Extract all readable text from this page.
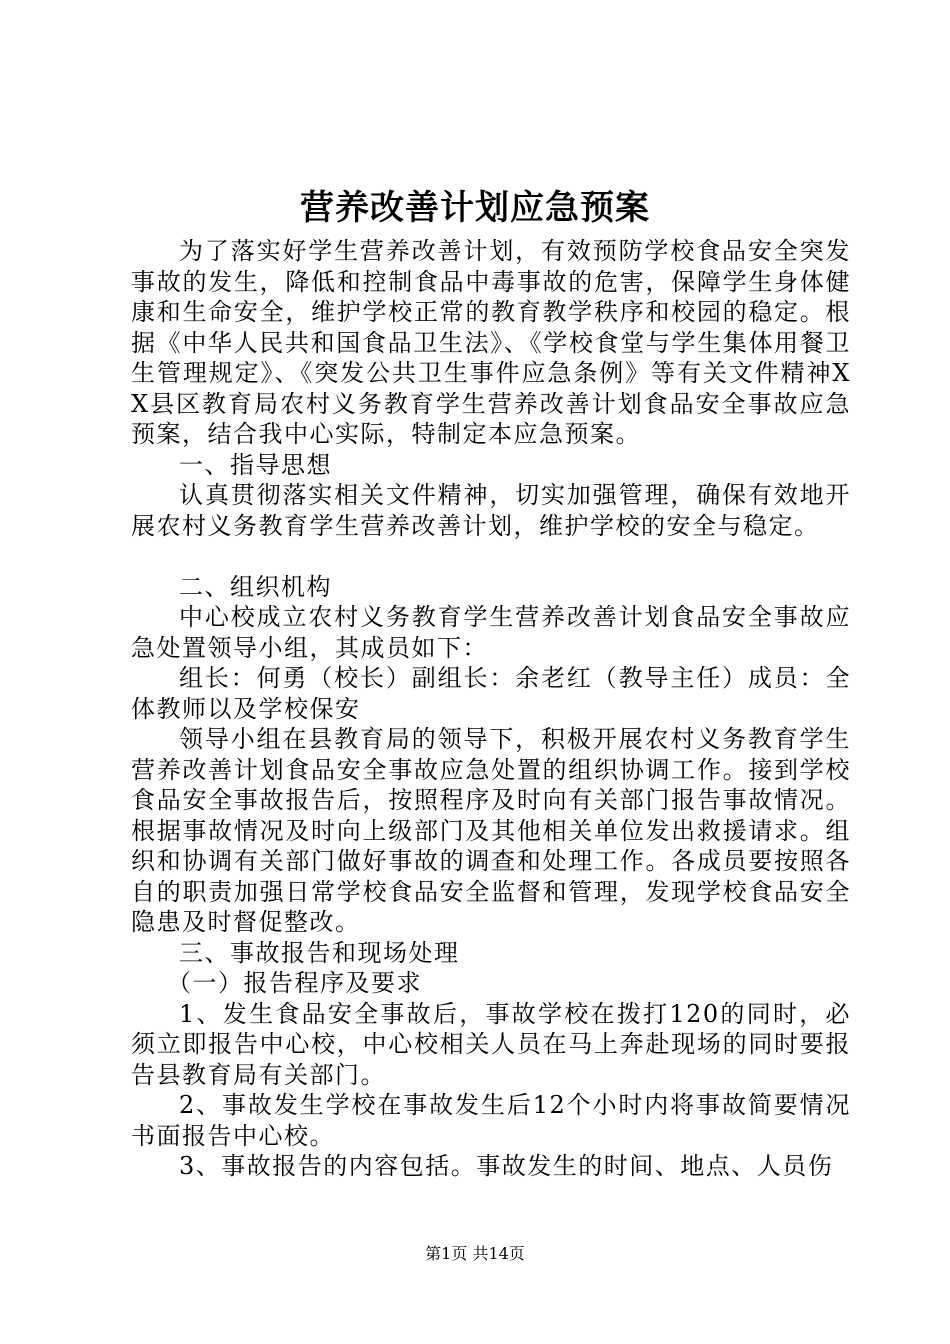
营养改善计划应急预案

为了落实好学生营养改善计划，有效预防学校食品安全突发事故的发生，降低和控制食品中毒事故的危害，保障学生身体健康和生命安全，维护学校正常的教育教学秩序和校园的稳定。根据《中华人民共和国食品卫生法》、《学校食堂与学生集体用餐卫生管理规定》、《突发公共卫生事件应急条例》等有关文件精神XX县区教育局农村义务教育学生营养改善计划食品安全事故应急预案，结合我中心实际，特制定本应急预案。

一、指导思想

认真贯彻落实相关文件精神，切实加强管理，确保有效地开展农村义务教育学生营养改善计划，维护学校的安全与稳定。

二、组织机构

中心校成立农村义务教育学生营养改善计划食品安全事故应急处置领导小组，其成员如下：

组长：何勇（校长）副组长：余老红（教导主任）成员：全体教师以及学校保安

领导小组在县教育局的领导下，积极开展农村义务教育学生营养改善计划食品安全事故应急处置的组织协调工作。接到学校食品安全事故报告后，按照程序及时向有关部门报告事故情况。根据事故情况及时向上级部门及其他相关单位发出救援请求。组织和协调有关部门做好事故的调查和处理工作。各成员要按照各自的职责加强日常学校食品安全监督和管理，发现学校食品安全隐患及时督促整改。

三、事故报告和现场处理

（一）报告程序及要求

1、发生食品安全事故后，事故学校在拨打120的同时，必须立即报告中心校，中心校相关人员在马上奔赴现场的同时要报告县教育局有关部门。

2、事故发生学校在事故发生后12个小时内将事故简要情况书面报告中心校。

3、事故报告的内容包括。事故发生的时间、地点、人员伤

第1页 共14页
